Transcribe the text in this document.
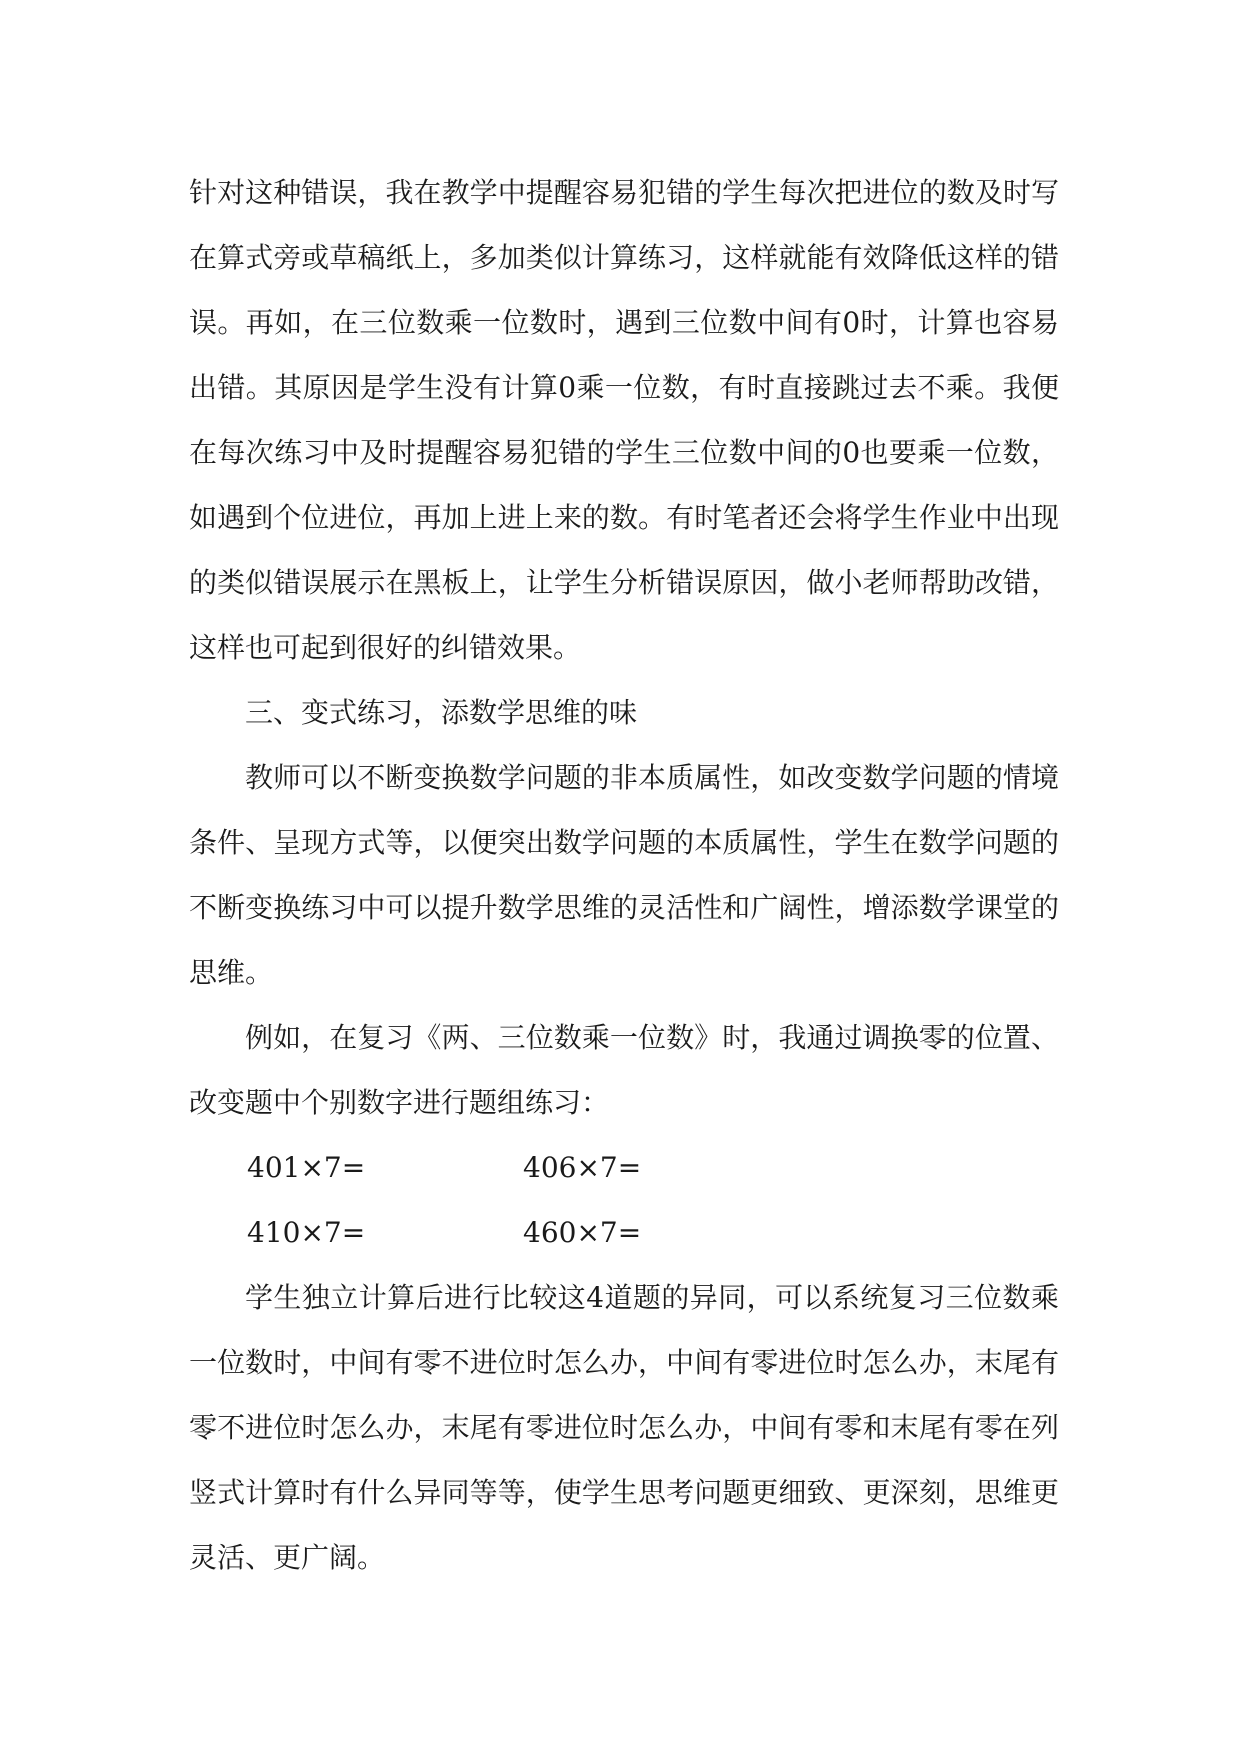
针对这种错误，我在教学中提醒容易犯错的学生每次把进位的数及时写在算式旁或草稿纸上，多加类似计算练习，这样就能有效降低这样的错误。再如，在三位数乘一位数时，遇到三位数中间有0时，计算也容易出错。其原因是学生没有计算0乘一位数，有时直接跳过去不乘。我便在每次练习中及时提醒容易犯错的学生三位数中间的0也要乘一位数，如遇到个位进位，再加上进上来的数。有时笔者还会将学生作业中出现的类似错误展示在黑板上，让学生分析错误原因，做小老师帮助改错，这样也可起到很好的纠错效果。

三、变式练习，添数学思维的味

教师可以不断变换数学问题的非本质属性，如改变数学问题的情境条件、呈现方式等，以便突出数学问题的本质属性，学生在数学问题的不断变换练习中可以提升数学思维的灵活性和广阔性，增添数学课堂的思维。

例如，在复习《两、三位数乘一位数》时，我通过调换零的位置、改变题中个别数字进行题组练习：

401×7=	406×7=
410×7=	460×7=

学生独立计算后进行比较这4道题的异同，可以系统复习三位数乘一位数时，中间有零不进位时怎么办，中间有零进位时怎么办，末尾有零不进位时怎么办，末尾有零进位时怎么办，中间有零和末尾有零在列竖式计算时有什么异同等等，使学生思考问题更细致、更深刻，思维更灵活、更广阔。
